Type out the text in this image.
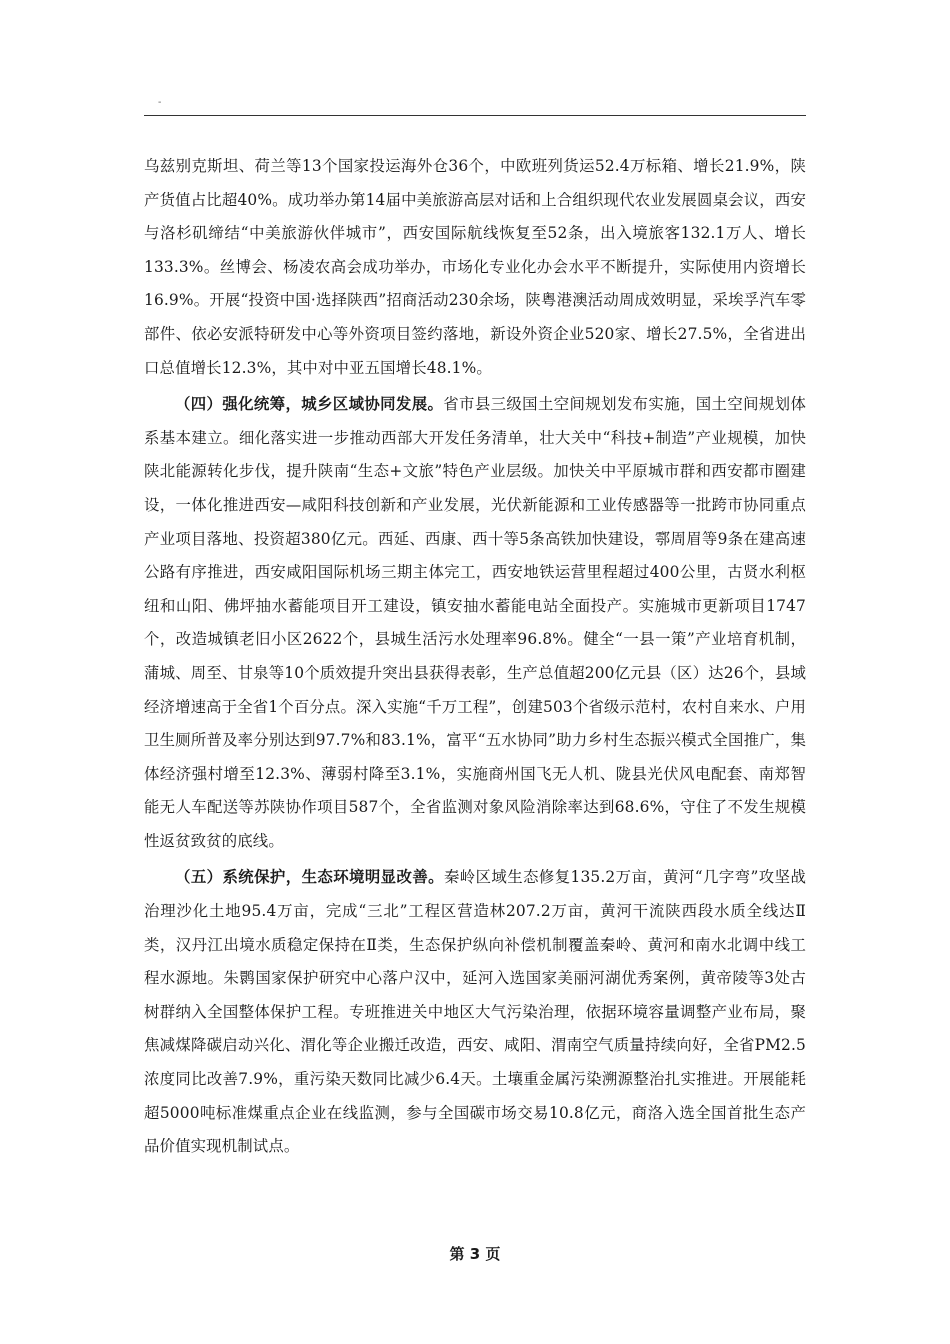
-

乌兹别克斯坦、荷兰等13个国家投运海外仓36个，中欧班列货运52.4万标箱、增长21.9%，陕产货值占比超40%。成功举办第14届中美旅游高层对话和上合组织现代农业发展圆桌会议，西安与洛杉矶缔结“中美旅游伙伴城市”，西安国际航线恢复至52条，出入境旅客132.1万人、增长133.3%。丝博会、杨凌农高会成功举办，市场化专业化办会水平不断提升，实际使用内资增长16.9%。开展“投资中国·选择陕西”招商活动230余场，陕粤港澳活动周成效明显，采埃孚汽车零部件、依必安派特研发中心等外资项目签约落地，新设外资企业520家、增长27.5%，全省进出口总值增长12.3%，其中对中亚五国增长48.1%。

（四）强化统筹，城乡区域协同发展。省市县三级国土空间规划发布实施，国土空间规划体系基本建立。细化落实进一步推动西部大开发任务清单，壮大关中“科技+制造”产业规模，加快陕北能源转化步伐，提升陕南“生态+文旅”特色产业层级。加快关中平原城市群和西安都市圈建设，一体化推进西安—咸阳科技创新和产业发展，光伏新能源和工业传感器等一批跨市协同重点产业项目落地、投资超380亿元。西延、西康、西十等5条高铁加快建设，鄠周眉等9条在建高速公路有序推进，西安咸阳国际机场三期主体完工，西安地铁运营里程超过400公里，古贤水利枢纽和山阳、佛坪抽水蓄能项目开工建设，镇安抽水蓄能电站全面投产。实施城市更新项目1747个，改造城镇老旧小区2622个，县城生活污水处理率96.8%。健全“一县一策”产业培育机制，蒲城、周至、甘泉等10个质效提升突出县获得表彰，生产总值超200亿元县（区）达26个，县域经济增速高于全省1个百分点。深入实施“千万工程”，创建503个省级示范村，农村自来水、户用卫生厕所普及率分别达到97.7%和83.1%，富平“五水协同”助力乡村生态振兴模式全国推广，集体经济强村增至12.3%、薄弱村降至3.1%，实施商州国飞无人机、陇县光伏风电配套、南郑智能无人车配送等苏陕协作项目587个，全省监测对象风险消除率达到68.6%，守住了不发生规模性返贫致贫的底线。

（五）系统保护，生态环境明显改善。秦岭区域生态修复135.2万亩，黄河“几字弯”攻坚战治理沙化土地95.4万亩，完成“三北”工程区营造林207.2万亩，黄河干流陕西段水质全线达Ⅱ类，汉丹江出境水质稳定保持在Ⅱ类，生态保护纵向补偿机制覆盖秦岭、黄河和南水北调中线工程水源地。朱鹮国家保护研究中心落户汉中，延河入选国家美丽河湖优秀案例，黄帝陵等3处古树群纳入全国整体保护工程。专班推进关中地区大气污染治理，依据环境容量调整产业布局，聚焦减煤降碳启动兴化、渭化等企业搬迁改造，西安、咸阳、渭南空气质量持续向好，全省PM2.5浓度同比改善7.9%，重污染天数同比减少6.4天。土壤重金属污染溯源整治扎实推进。开展能耗超5000吨标准煤重点企业在线监测，参与全国碳市场交易10.8亿元，商洛入选全国首批生态产品价值实现机制试点。

第 3 页
